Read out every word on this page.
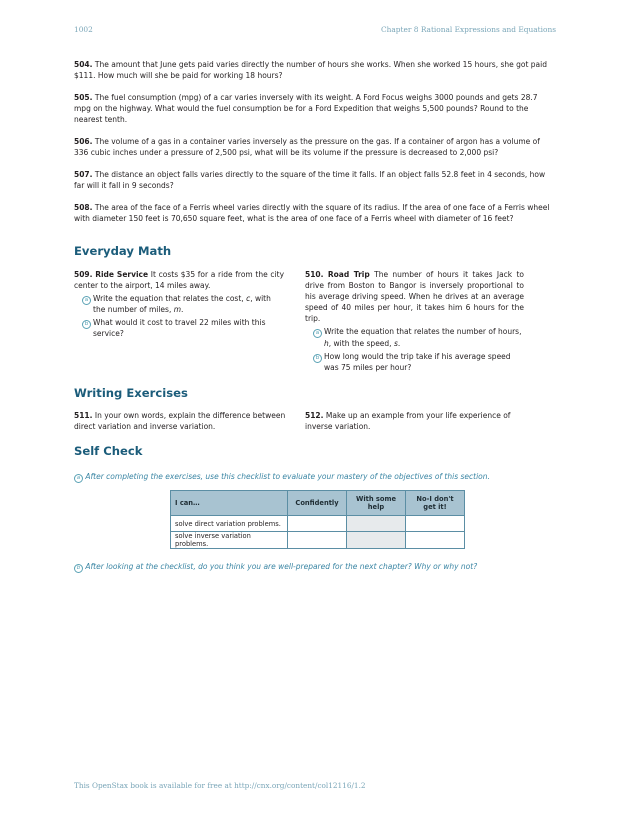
1002	Chapter 8 Rational Expressions and Equations

504. The amount that June gets paid varies directly the number of hours she works. When she worked 15 hours, she got paid $111. How much will she be paid for working 18 hours?

505. The fuel consumption (mpg) of a car varies inversely with its weight. A Ford Focus weighs 3000 pounds and gets 28.7 mpg on the highway. What would the fuel consumption be for a Ford Expedition that weighs 5,500 pounds? Round to the nearest tenth.

506. The volume of a gas in a container varies inversely as the pressure on the gas. If a container of argon has a volume of 336 cubic inches under a pressure of 2,500 psi, what will be its volume if the pressure is decreased to 2,000 psi?

507. The distance an object falls varies directly to the square of the time it falls. If an object falls 52.8 feet in 4 seconds, how far will it fall in 9 seconds?

508. The area of the face of a Ferris wheel varies directly with the square of its radius. If the area of one face of a Ferris wheel with diameter 150 feet is 70,650 square feet, what is the area of one face of a Ferris wheel with diameter of 16 feet?

Everyday Math

509. Ride Service It costs $35 for a ride from the city center to the airport, 14 miles away.

a Write the equation that relates the cost, c, with the number of miles, m.
b What would it cost to travel 22 miles with this service?

510. Road Trip The number of hours it takes Jack to drive from Boston to Bangor is inversely proportional to his average driving speed. When he drives at an average speed of 40 miles per hour, it takes him 6 hours for the trip.

a Write the equation that relates the number of hours, h, with the speed, s.
b How long would the trip take if his average speed was 75 miles per hour?
Writing Exercises

511. In your own words, explain the difference between direct variation and inverse variation.

512. Make up an example from your life experience of inverse variation.

Self Check
a After completing the exercises, use this checklist to evaluate your mastery of the objectives of this section.
I can…	Confidently	With some help	No-I don't get it!
solve direct variation problems.			
solve inverse variation problems.			
b After looking at the checklist, do you think you are well-prepared for the next chapter? Why or why not?
This OpenStax book is available for free at http://cnx.org/content/col12116/1.2
